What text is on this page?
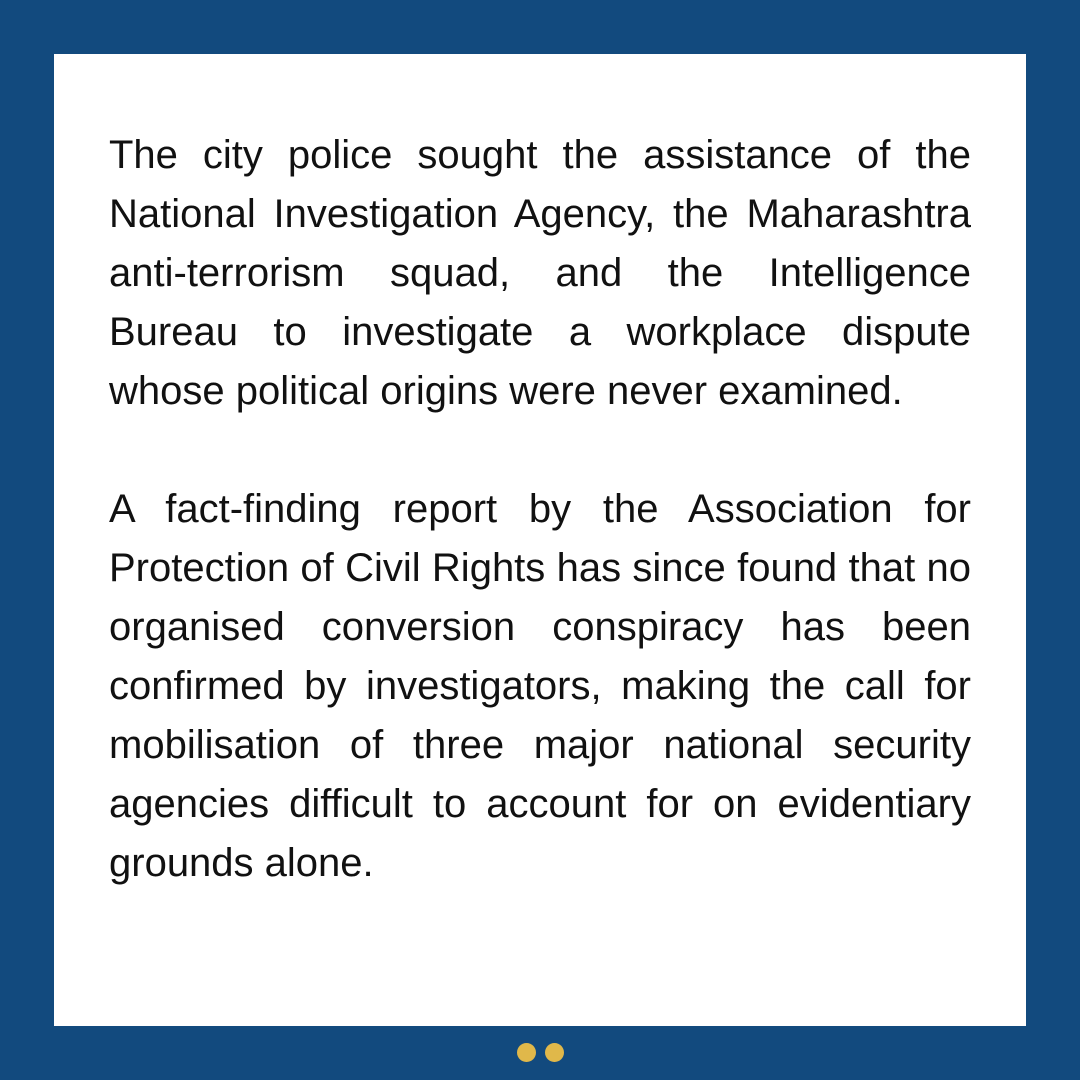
The city police sought the assistance of the National Investigation Agency, the Maharashtra anti-terrorism squad, and the Intelligence Bureau to investigate a workplace dispute whose political origins were never examined.

A fact-finding report by the Association for Protection of Civil Rights has since found that no organised conversion conspiracy has been confirmed by investigators, making the call for mobilisation of three major national security agencies difficult to account for on evidentiary grounds alone.
